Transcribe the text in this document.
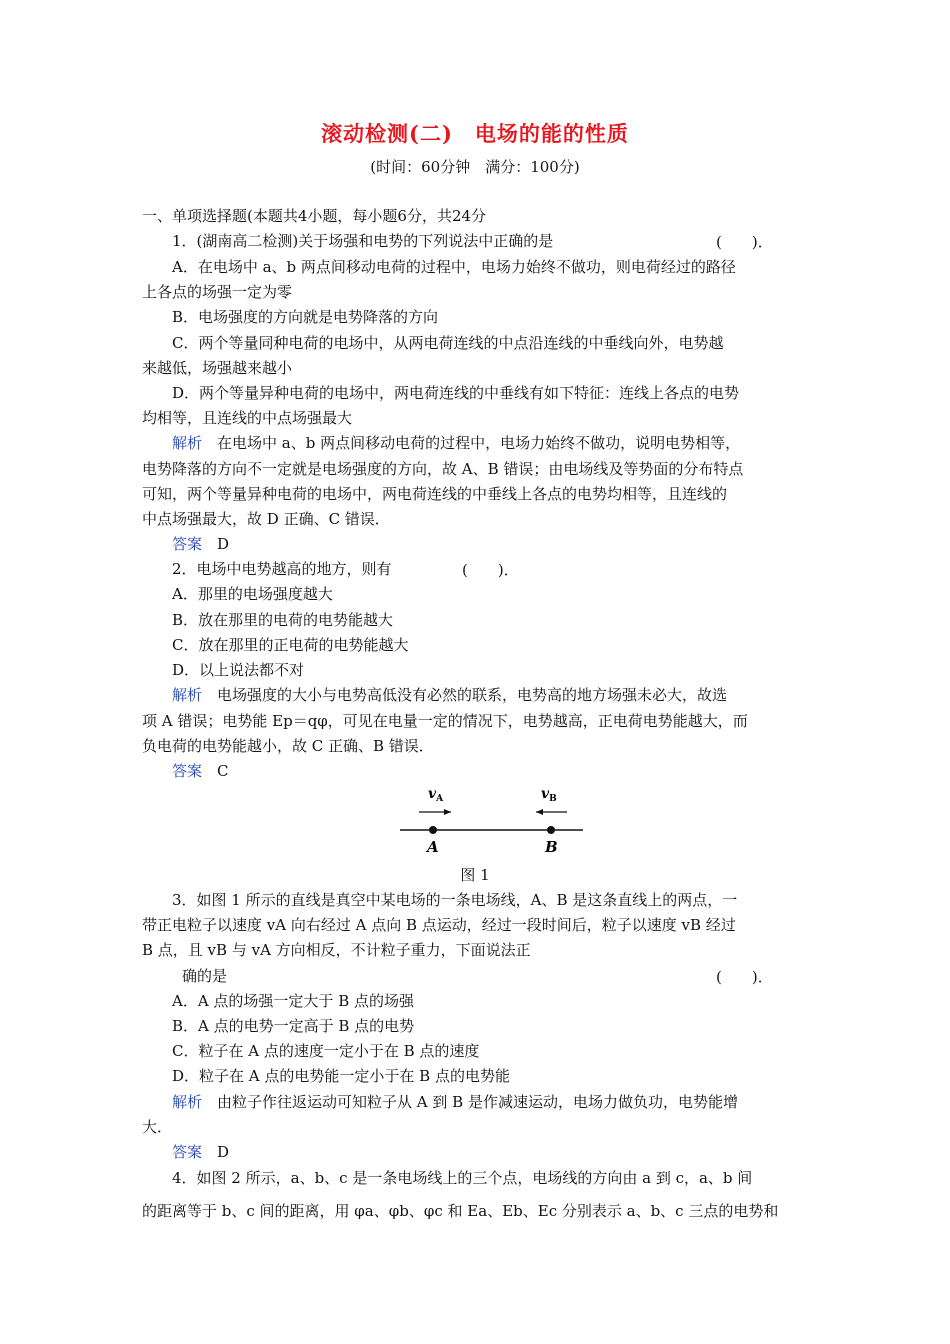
滚动检测(二)　电场的能的性质
(时间：60分钟　满分：100分)
一、单项选择题(本题共4小题，每小题6分，共24分
1．(湖南高二检测)关于场强和电势的下列说法中正确的是	(　　)．
A．在电场中 a、b 两点间移动电荷的过程中，电场力始终不做功，则电荷经过的路径
上各点的场强一定为零
B．电场强度的方向就是电势降落的方向
C．两个等量同种电荷的电场中，从两电荷连线的中点沿连线的中垂线向外，电势越
来越低，场强越来越小
D．两个等量异种电荷的电场中，两电荷连线的中垂线有如下特征：连线上各点的电势
均相等，且连线的中点场强最大
解析　在电场中 a、b 两点间移动电荷的过程中，电场力始终不做功，说明电势相等，
电势降落的方向不一定就是电场强度的方向，故 A、B 错误；由电场线及等势面的分布特点
可知，两个等量异种电荷的电场中，两电荷连线的中垂线上各点的电势均相等，且连线的
中点场强最大，故 D 正确、C 错误．
答案　D
2．电场中电势越高的地方，则有	(　　)．
A．那里的电场强度越大
B．放在那里的电荷的电势能越大
C．放在那里的正电荷的电势能越大
D．以上说法都不对
解析　电场强度的大小与电势高低没有必然的联系，电势高的地方场强未必大，故选
项 A 错误；电势能 Ep＝qφ，可见在电量一定的情况下，电势越高，正电荷电势能越大，而
负电荷的电势能越小，故 C 正确、B 错误．
答案　C
$v_A$	$v_B$
A	B
图 1
3．如图 1 所示的直线是真空中某电场的一条电场线，A、B 是这条直线上的两点，一
带正电粒子以速度 vA 向右经过 A 点向 B 点运动，经过一段时间后，粒子以速度 vB 经过
B 点，且 vB 与 vA 方向相反，不计粒子重力，下面说法正
确的是	(　　)．
A．A 点的场强一定大于 B 点的场强
B．A 点的电势一定高于 B 点的电势
C．粒子在 A 点的速度一定小于在 B 点的速度
D．粒子在 A 点的电势能一定小于在 B 点的电势能
解析　由粒子作往返运动可知粒子从 A 到 B 是作减速运动，电场力做负功，电势能增
大．
答案　D
4．如图 2 所示，a、b、c 是一条电场线上的三个点，电场线的方向由 a 到 c，a、b 间
的距离等于 b、c 间的距离，用 φa、φb、φc 和 Ea、Eb、Ec 分别表示 a、b、c 三点的电势和
